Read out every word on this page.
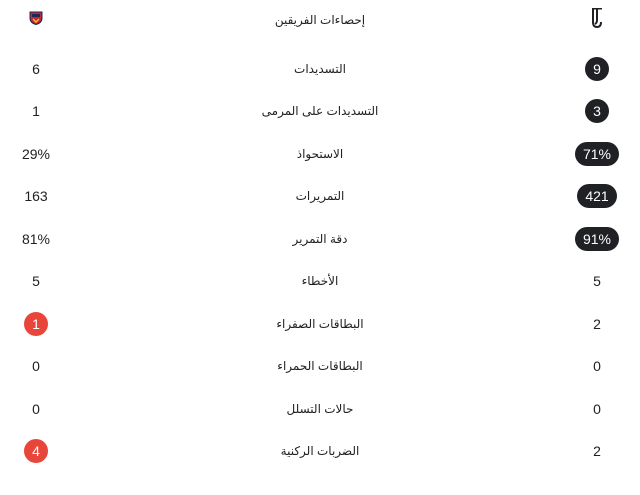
إحصاءات الفريقين
6	التسديدات	9
1	التسديدات على المرمى	3
29%	الاستحواذ	71%
163	التمريرات	421
81%	دقة التمرير	91%
5	الأخطاء	5
1	البطاقات الصفراء	2
0	البطاقات الحمراء	0
0	حالات التسلل	0
4	الضربات الركنية	2
